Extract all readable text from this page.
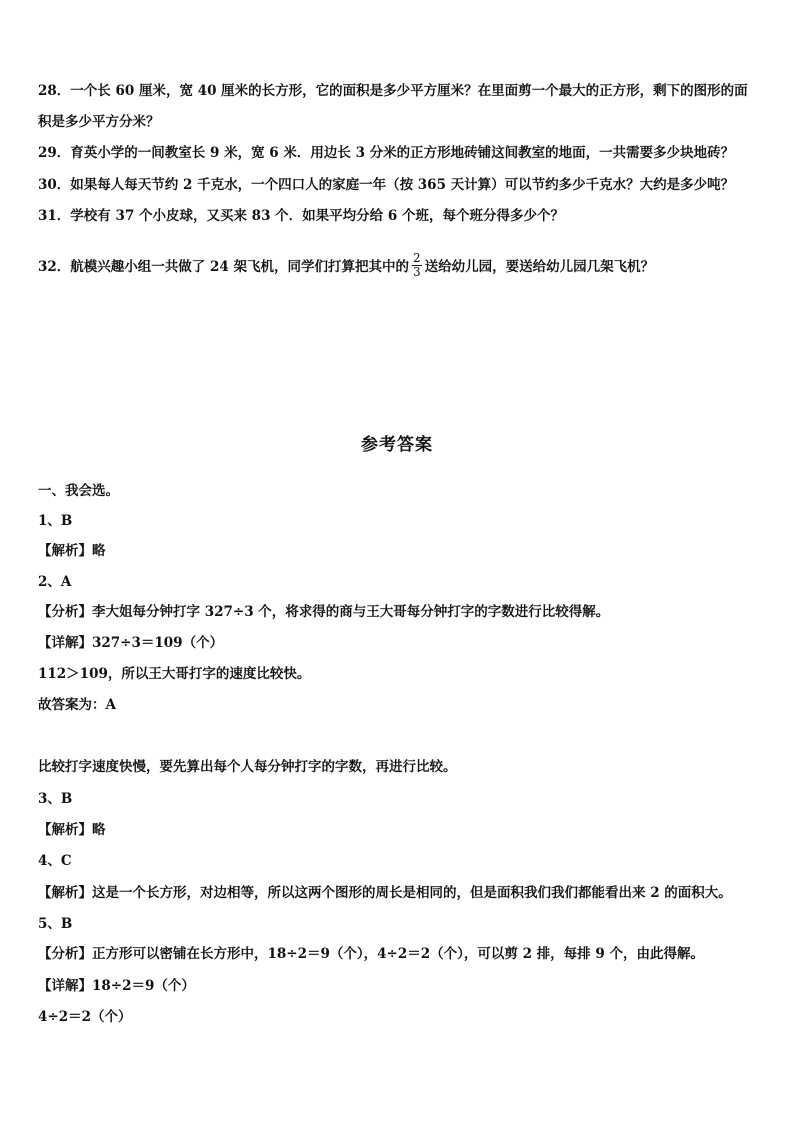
28．一个长 60 厘米，宽 40 厘米的长方形，它的面积是多少平方厘米？在里面剪一个最大的正方形，剩下的图形的面
积是多少平方分米？
29．育英小学的一间教室长 9 米，宽 6 米．用边长 3 分米的正方形地砖铺这间教室的地面，一共需要多少块地砖？
30．如果每人每天节约 2 千克水，一个四口人的家庭一年（按 365 天计算）可以节约多少千克水？大约是多少吨？
31．学校有 37 个小皮球，又买来 83 个．如果平均分给 6 个班，每个班分得多少个？
32．航模兴趣小组一共做了 24 架飞机，同学们打算把其中的 $\frac{2}{3}$ 送给幼儿园，要送给幼儿园几架飞机？
参考答案
一、我会选。
1、B
【解析】略
2、A
【分析】李大姐每分钟打字 327÷3 个，将求得的商与王大哥每分钟打字的字数进行比较得解。
【详解】327÷3＝109（个）
112＞109，所以王大哥打字的速度比较快。
故答案为：A
比较打字速度快慢，要先算出每个人每分钟打字的字数，再进行比较。
3、B
【解析】略
4、C
【解析】这是一个长方形，对边相等，所以这两个图形的周长是相同的，但是面积我们我们都能看出来 2 的面积大。
5、B
【分析】正方形可以密铺在长方形中，18÷2＝9（个），4÷2＝2（个），可以剪 2 排，每排 9 个，由此得解。
【详解】18÷2＝9（个）
4÷2＝2（个）
